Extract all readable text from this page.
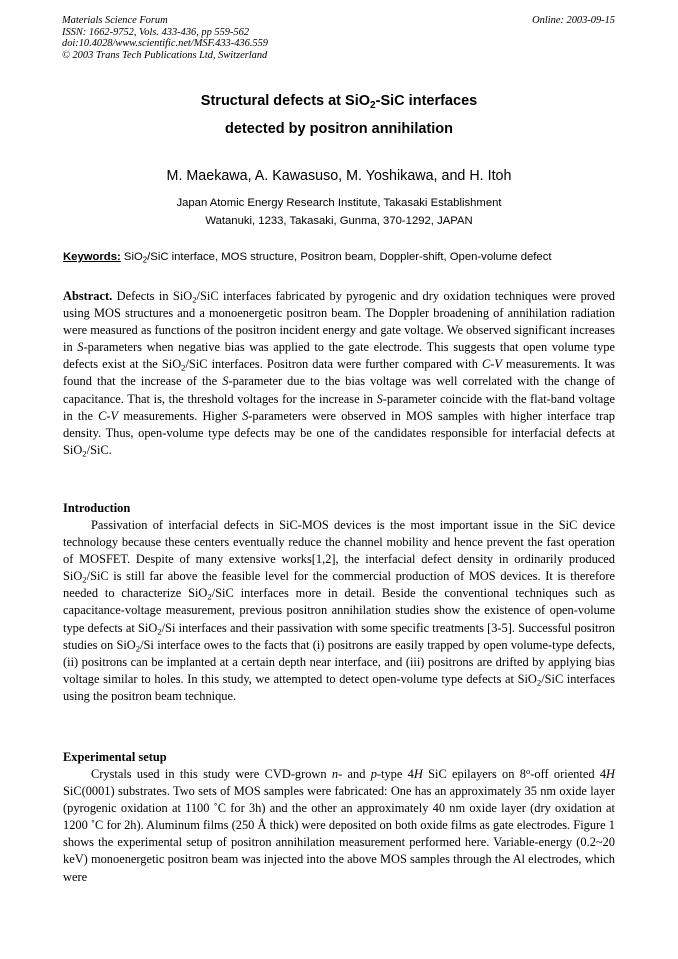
Materials Science Forum
ISSN: 1662-9752, Vols. 433-436, pp 559-562
doi:10.4028/www.scientific.net/MSF.433-436.559
© 2003 Trans Tech Publications Ltd, Switzerland
Online: 2003-09-15
Structural defects at SiO$_2$-SiC interfaces
detected by positron annihilation
M. Maekawa, A. Kawasuso, M. Yoshikawa, and H. Itoh
Japan Atomic Energy Research Institute, Takasaki Establishment
Watanuki, 1233, Takasaki, Gunma, 370-1292, JAPAN
Keywords: SiO$_2$/SiC interface, MOS structure, Positron beam, Doppler-shift, Open-volume defect
Abstract. Defects in SiO$_2$/SiC interfaces fabricated by pyrogenic and dry oxidation techniques were proved using MOS structures and a monoenergetic positron beam. The Doppler broadening of annihilation radiation were measured as functions of the positron incident energy and gate voltage. We observed significant increases in S-parameters when negative bias was applied to the gate electrode. This suggests that open volume type defects exist at the SiO$_2$/SiC interfaces. Positron data were further compared with C-V measurements. It was found that the increase of the S-parameter due to the bias voltage was well correlated with the change of capacitance. That is, the threshold voltages for the increase in S-parameter coincide with the flat-band voltage in the C-V measurements. Higher S-parameters were observed in MOS samples with higher interface trap density. Thus, open-volume type defects may be one of the candidates responsible for interfacial defects at SiO$_2$/SiC.
Introduction
Passivation of interfacial defects in SiC-MOS devices is the most important issue in the SiC device technology because these centers eventually reduce the channel mobility and hence prevent the fast operation of MOSFET. Despite of many extensive works[1,2], the interfacial defect density in ordinarily produced SiO$_2$/SiC is still far above the feasible level for the commercial production of MOS devices. It is therefore needed to characterize SiO$_2$/SiC interfaces more in detail. Beside the conventional techniques such as capacitance-voltage measurement, previous positron annihilation studies show the existence of open-volume type defects at SiO$_2$/Si interfaces and their passivation with some specific treatments [3-5]. Successful positron studies on SiO$_2$/Si interface owes to the facts that (i) positrons are easily trapped by open volume-type defects, (ii) positrons can be implanted at a certain depth near interface, and (iii) positrons are drifted by applying bias voltage similar to holes. In this study, we attempted to detect open-volume type defects at SiO$_2$/SiC interfaces using the positron beam technique.
Experimental setup
Crystals used in this study were CVD-grown n- and p-type 4H SiC epilayers on 8$^o$-off oriented 4H SiC(0001) substrates. Two sets of MOS samples were fabricated: One has an approximately 35 nm oxide layer (pyrogenic oxidation at 1100 ˚C for 3h) and the other an approximately 40 nm oxide layer (dry oxidation at 1200 ˚C for 2h). Aluminum films (250 Å thick) were deposited on both oxide films as gate electrodes. Figure 1 shows the experimental setup of positron annihilation measurement performed here. Variable-energy (0.2~20 keV) monoenergetic positron beam was injected into the above MOS samples through the Al electrodes, which were
